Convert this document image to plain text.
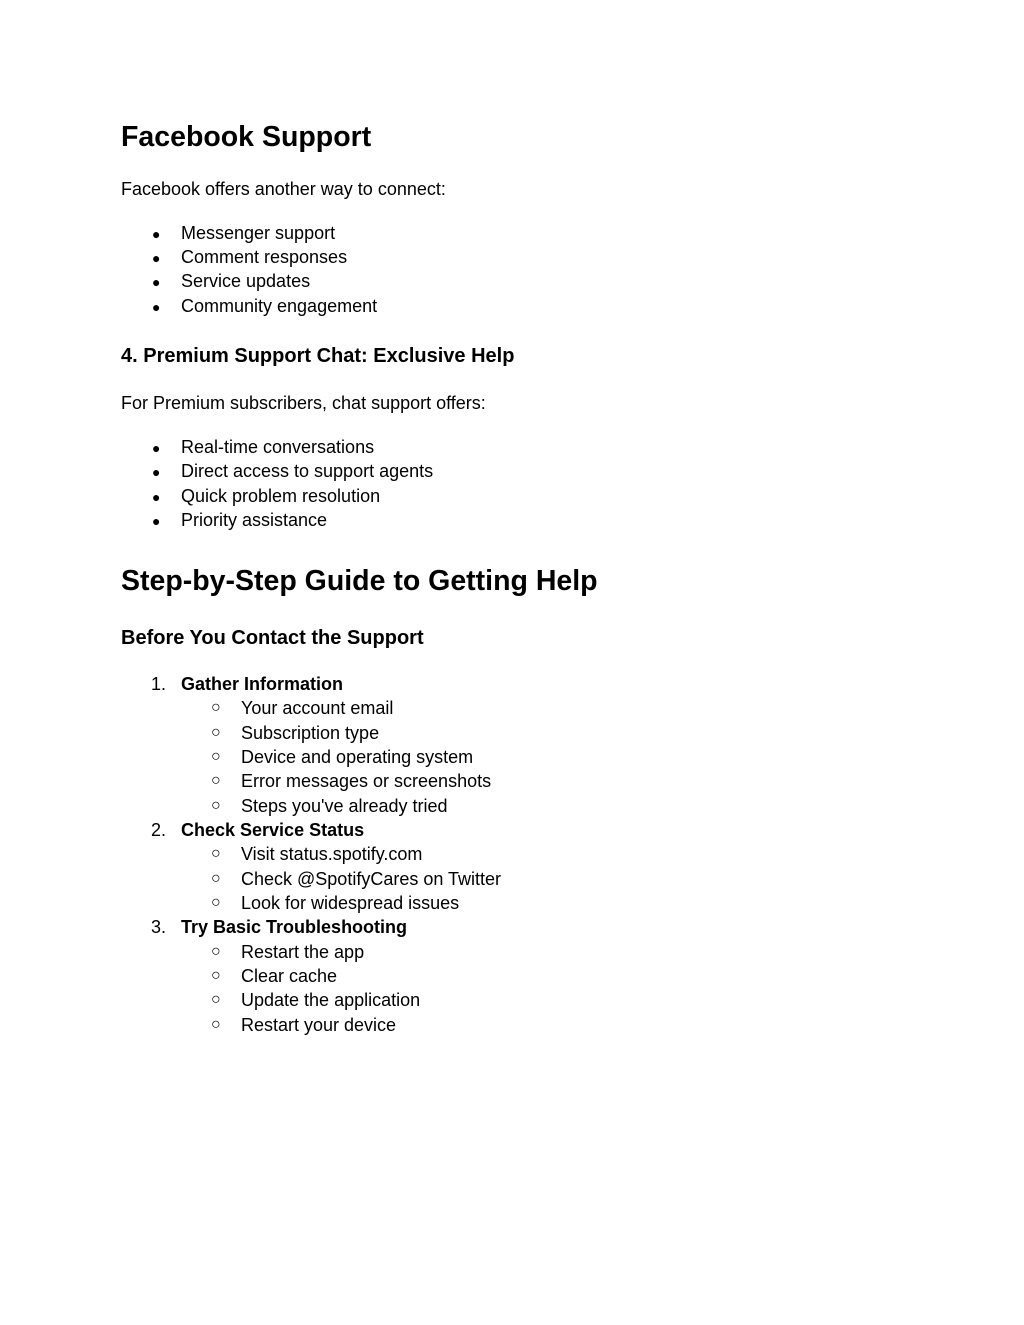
Facebook Support

Facebook offers another way to connect:

● Messenger support
● Comment responses
● Service updates
● Community engagement
4. Premium Support Chat: Exclusive Help

For Premium subscribers, chat support offers:

● Real-time conversations
● Direct access to support agents
● Quick problem resolution
● Priority assistance
Step-by-Step Guide to Getting Help
Before You Contact the Support
1. Gather Information
○ Your account email
○ Subscription type
○ Device and operating system
○ Error messages or screenshots
○ Steps you've already tried
2. Check Service Status
○ Visit status.spotify.com
○ Check @SpotifyCares on Twitter
○ Look for widespread issues
3. Try Basic Troubleshooting
○ Restart the app
○ Clear cache
○ Update the application
○ Restart your device
